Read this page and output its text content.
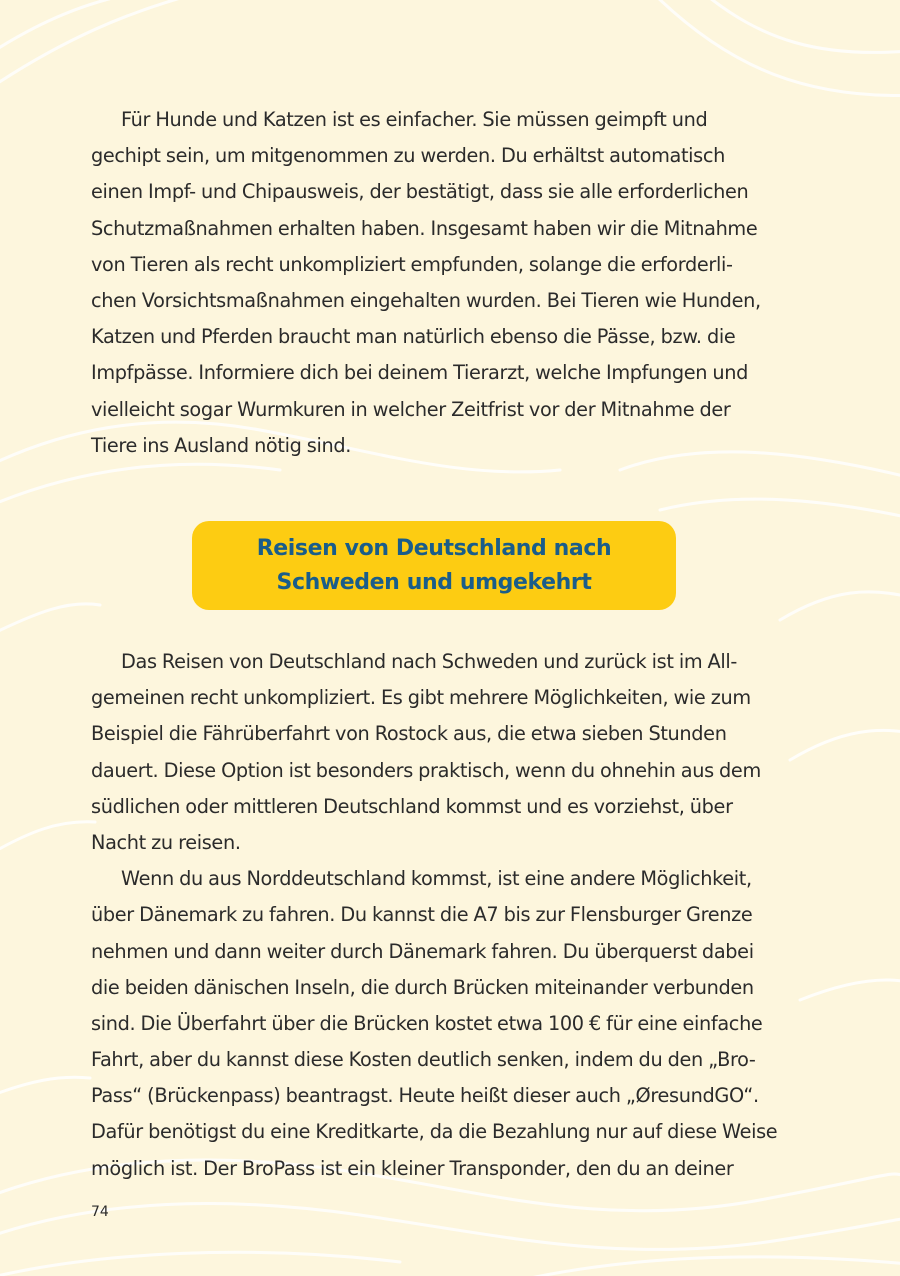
Für Hunde und Katzen ist es einfacher. Sie müssen geimpft und
gechipt sein, um mitgenommen zu werden. Du erhältst automatisch
einen Impf- und Chipausweis, der bestätigt, dass sie alle erforderlichen
Schutzmaßnahmen erhalten haben. Insgesamt haben wir die Mitnahme
von Tieren als recht unkompliziert empfunden, solange die erforderli-
chen Vorsichtsmaßnahmen eingehalten wurden. Bei Tieren wie Hunden,
Katzen und Pferden braucht man natürlich ebenso die Pässe, bzw. die
Impfpässe. Informiere dich bei deinem Tierarzt, welche Impfungen und
vielleicht sogar Wurmkuren in welcher Zeitfrist vor der Mitnahme der
Tiere ins Ausland nötig sind.
Reisen von Deutschland nach
Schweden und umgekehrt
Das Reisen von Deutschland nach Schweden und zurück ist im All-
gemeinen recht unkompliziert. Es gibt mehrere Möglichkeiten, wie zum
Beispiel die Fährüberfahrt von Rostock aus, die etwa sieben Stunden
dauert. Diese Option ist besonders praktisch, wenn du ohnehin aus dem
südlichen oder mittleren Deutschland kommst und es vorziehst, über
Nacht zu reisen.
Wenn du aus Norddeutschland kommst, ist eine andere Möglichkeit,
über Dänemark zu fahren. Du kannst die A7 bis zur Flensburger Grenze
nehmen und dann weiter durch Dänemark fahren. Du überquerst dabei
die beiden dänischen Inseln, die durch Brücken miteinander verbunden
sind. Die Überfahrt über die Brücken kostet etwa 100 € für eine einfache
Fahrt, aber du kannst diese Kosten deutlich senken, indem du den „Bro-
Pass“ (Brückenpass) beantragst. Heute heißt dieser auch „ØresundGO“.
Dafür benötigst du eine Kreditkarte, da die Bezahlung nur auf diese Weise
möglich ist. Der BroPass ist ein kleiner Transponder, den du an deiner
74
